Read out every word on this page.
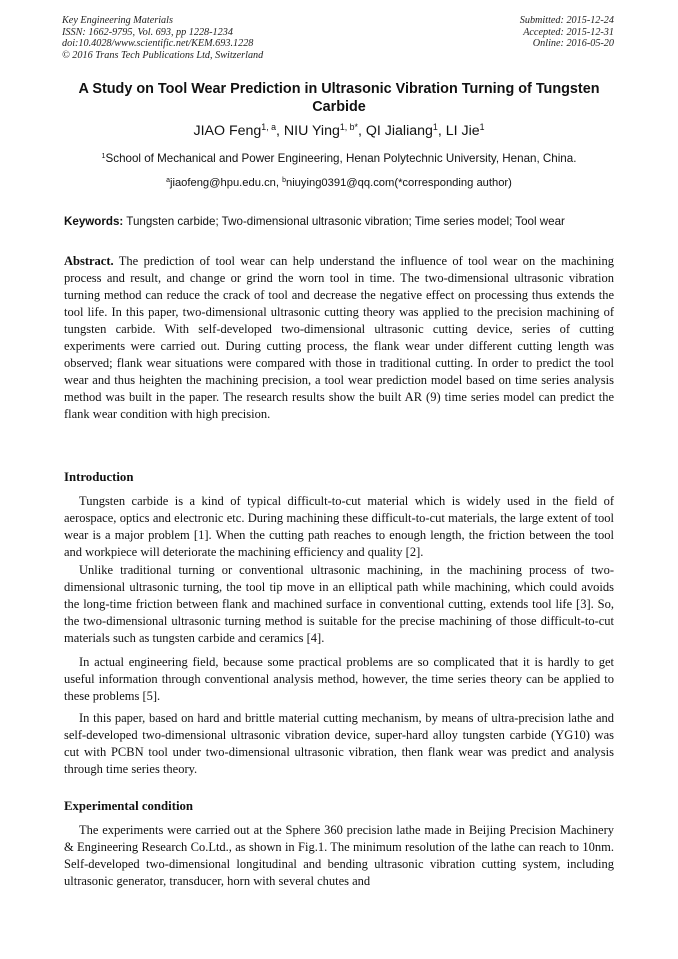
Key Engineering Materials
ISSN: 1662-9795, Vol. 693, pp 1228-1234
doi:10.4028/www.scientific.net/KEM.693.1228
© 2016 Trans Tech Publications Ltd, Switzerland
Submitted: 2015-12-24
Accepted: 2015-12-31
Online: 2016-05-20
A Study on Tool Wear Prediction in Ultrasonic Vibration Turning of Tungsten Carbide
JIAO Feng$^{1, a}$, NIU Ying$^{1, b*}$, QI Jialiang$^1$, LI Jie$^1$
$^1$School of Mechanical and Power Engineering, Henan Polytechnic University, Henan, China.
$^a$jiaofeng@hpu.edu.cn, $^b$niuying0391@qq.com(*corresponding author)
Keywords: Tungsten carbide; Two-dimensional ultrasonic vibration; Time series model; Tool wear
Abstract. The prediction of tool wear can help understand the influence of tool wear on the machining process and result, and change or grind the worn tool in time. The two-dimensional ultrasonic vibration turning method can reduce the crack of tool and decrease the negative effect on processing thus extends the tool life. In this paper, two-dimensional ultrasonic cutting theory was applied to the precision machining of tungsten carbide. With self-developed two-dimensional ultrasonic cutting device, series of cutting experiments were carried out. During cutting process, the flank wear under different cutting length was observed; flank wear situations were compared with those in traditional cutting. In order to predict the tool wear and thus heighten the machining precision, a tool wear prediction model based on time series analysis method was built in the paper. The research results show the built AR (9) time series model can predict the flank wear condition with high precision.
Introduction
Tungsten carbide is a kind of typical difficult-to-cut material which is widely used in the field of aerospace, optics and electronic etc. During machining these difficult-to-cut materials, the large extent of tool wear is a major problem [1]. When the cutting path reaches to enough length, the friction between the tool and workpiece will deteriorate the machining efficiency and quality [2].
Unlike traditional turning or conventional ultrasonic machining, in the machining process of two-dimensional ultrasonic turning, the tool tip move in an elliptical path while machining, which could avoids the long-time friction between flank and machined surface in conventional cutting, extends tool life [3]. So, the two-dimensional ultrasonic turning method is suitable for the precise machining of those difficult-to-cut materials such as tungsten carbide and ceramics [4].
In actual engineering field, because some practical problems are so complicated that it is hardly to get useful information through conventional analysis method, however, the time series theory can be applied to these problems [5].
In this paper, based on hard and brittle material cutting mechanism, by means of ultra-precision lathe and self-developed two-dimensional ultrasonic vibration device, super-hard alloy tungsten carbide (YG10) was cut with PCBN tool under two-dimensional ultrasonic vibration, then flank wear was predict and analysis through time series theory.
Experimental condition
The experiments were carried out at the Sphere 360 precision lathe made in Beijing Precision Machinery & Engineering Research Co.Ltd., as shown in Fig.1. The minimum resolution of the lathe can reach to 10nm. Self-developed two-dimensional longitudinal and bending ultrasonic vibration cutting system, including ultrasonic generator, transducer, horn with several chutes and
